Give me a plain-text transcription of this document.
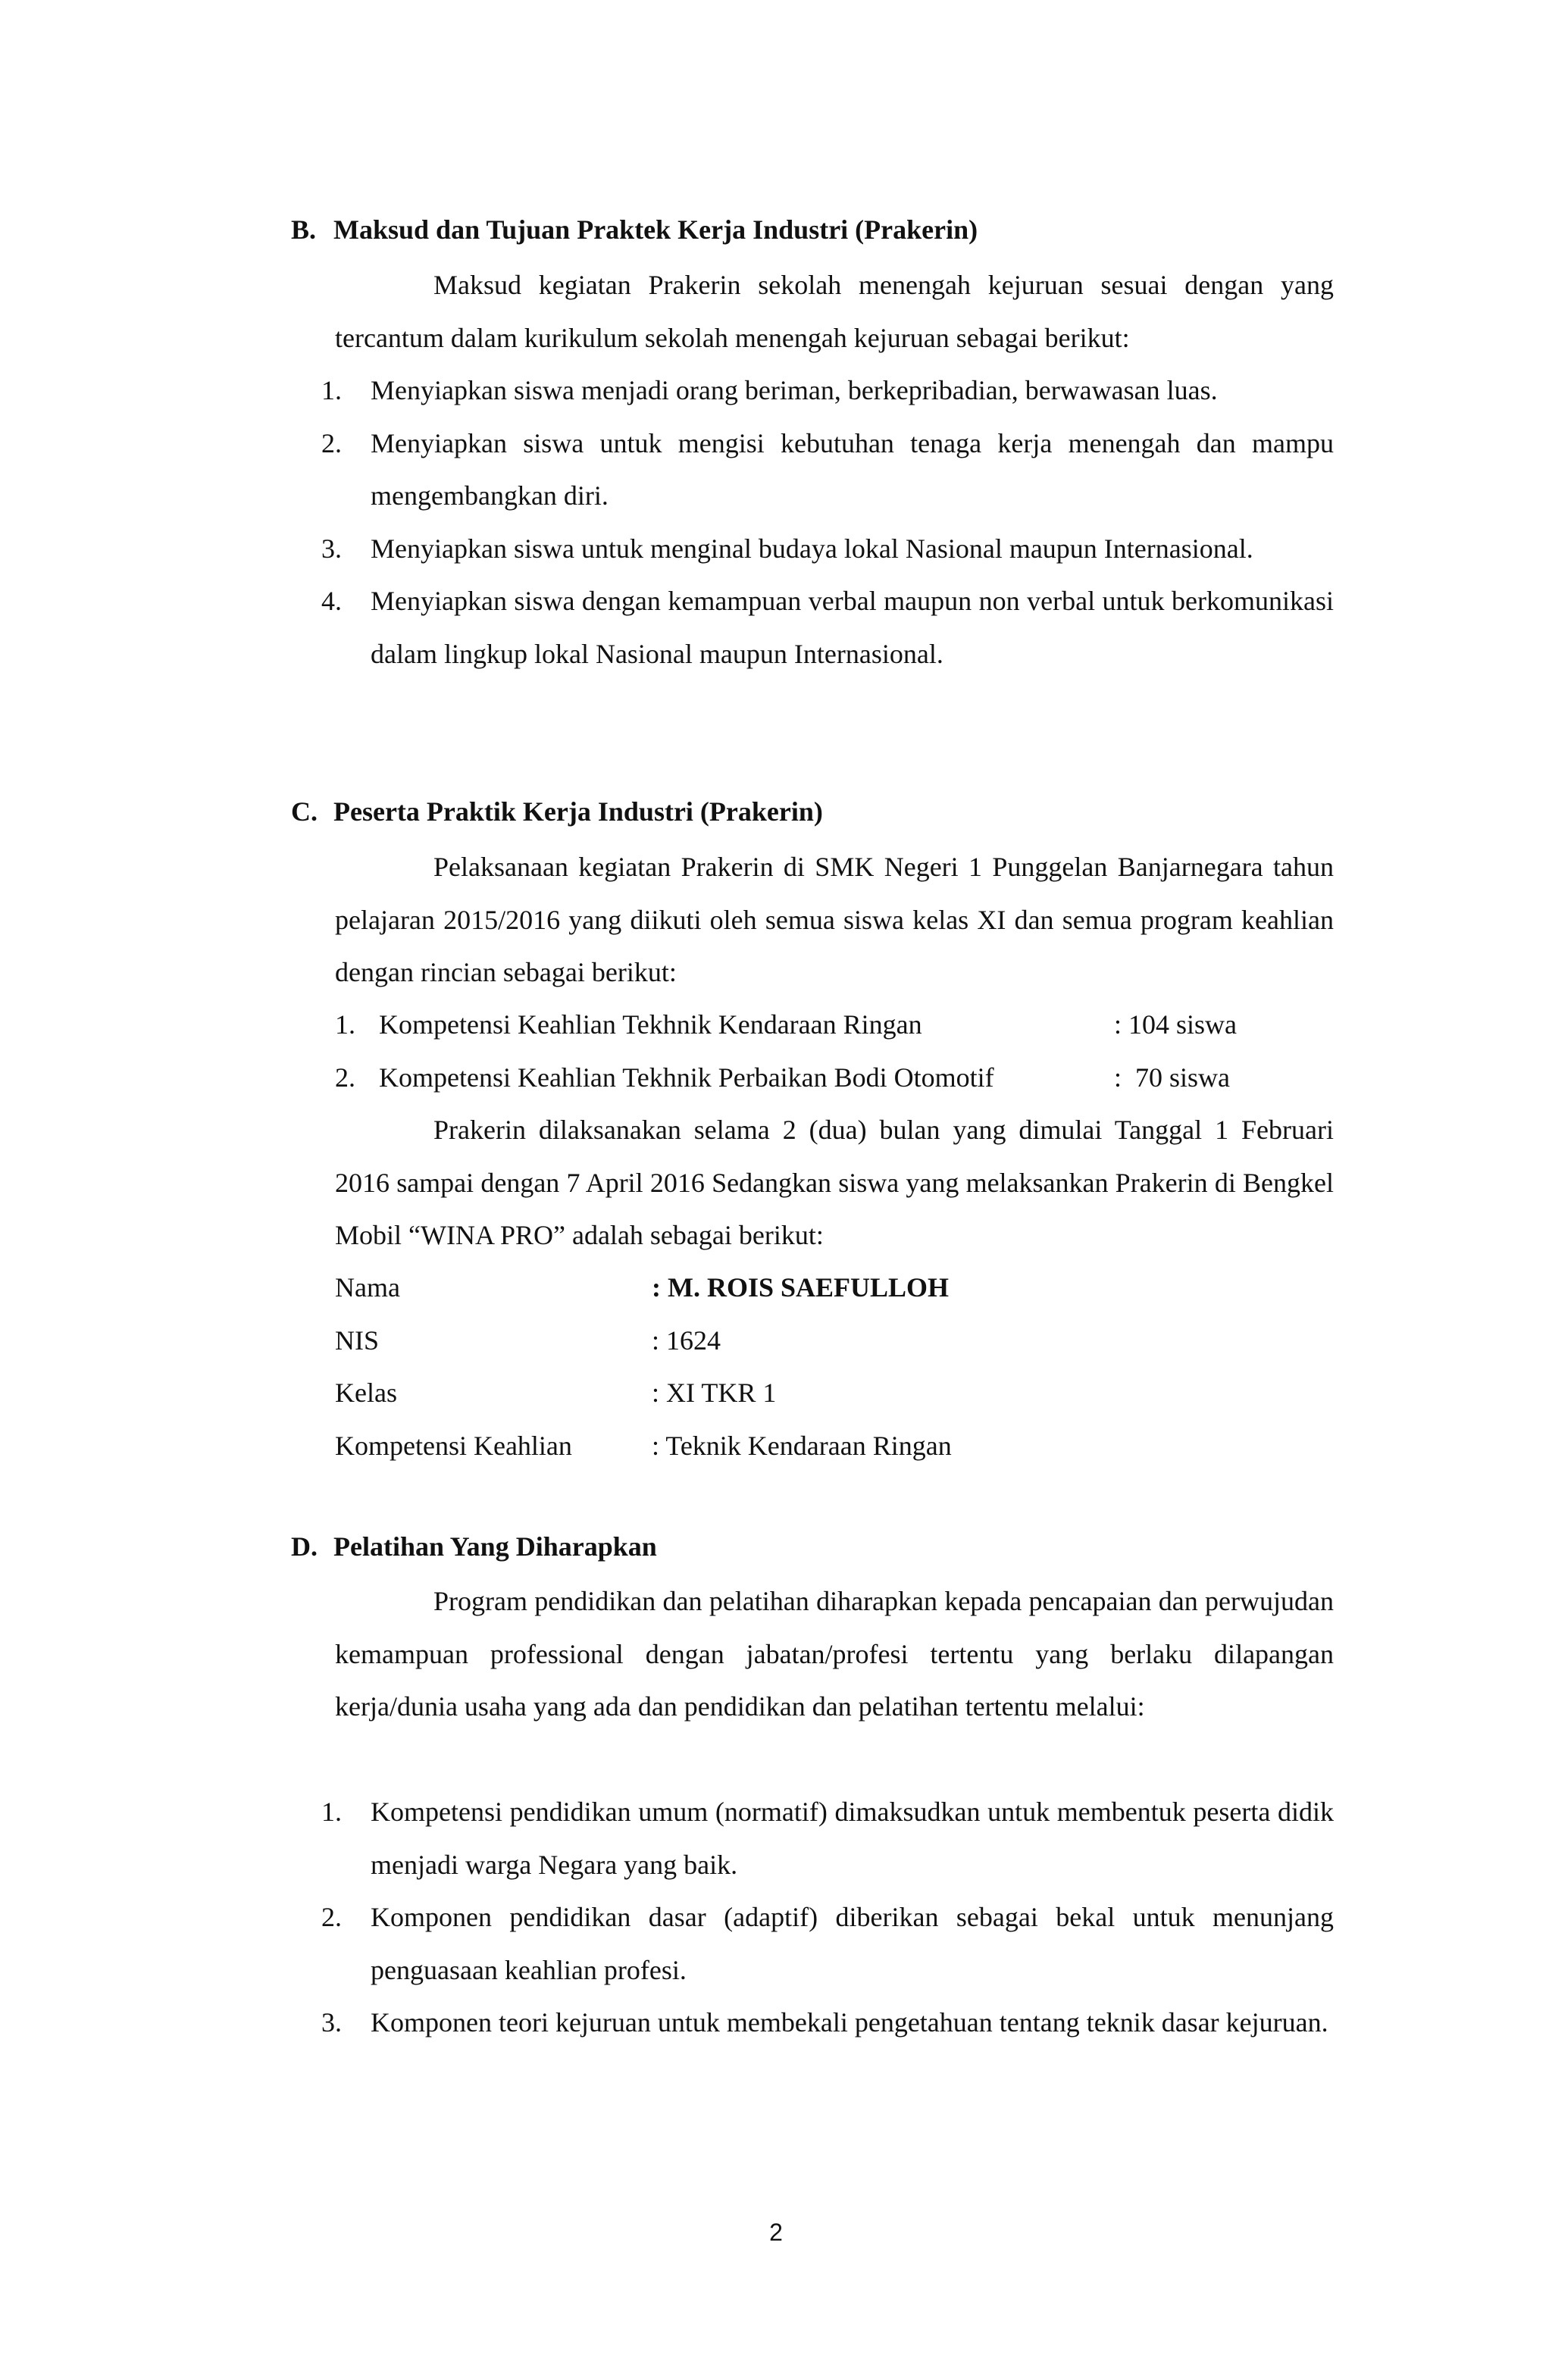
B. Maksud dan Tujuan Praktek Kerja Industri (Prakerin)
Maksud kegiatan Prakerin sekolah menengah kejuruan sesuai dengan yang tercantum dalam kurikulum sekolah menengah kejuruan sebagai berikut:
1. Menyiapkan siswa menjadi orang beriman, berkepribadian, berwawasan luas.
2. Menyiapkan siswa untuk mengisi kebutuhan tenaga kerja menengah dan mampu mengembangkan diri.
3. Menyiapkan siswa untuk menginal budaya lokal Nasional maupun Internasional.
4. Menyiapkan siswa dengan kemampuan verbal maupun non verbal untuk berkomunikasi dalam lingkup lokal Nasional maupun Internasional.
C. Peserta Praktik Kerja Industri (Prakerin)
Pelaksanaan kegiatan Prakerin di SMK Negeri 1 Punggelan Banjarnegara tahun pelajaran 2015/2016 yang diikuti oleh semua siswa kelas XI dan semua program keahlian dengan rincian sebagai berikut:
1. Kompetensi Keahlian Tekhnik Kendaraan Ringan	: 104 siswa
2. Kompetensi Keahlian Tekhnik Perbaikan Bodi Otomotif	:  70 siswa
Prakerin dilaksanakan selama 2 (dua) bulan yang dimulai Tanggal 1 Februari 2016 sampai dengan 7 April 2016 Sedangkan siswa yang melaksankan Prakerin di Bengkel Mobil “WINA PRO” adalah sebagai berikut:
Nama	: M. ROIS SAEFULLOH
NIS	: 1624
Kelas	: XI TKR 1
Kompetensi Keahlian	: Teknik Kendaraan Ringan
D. Pelatihan Yang Diharapkan
Program pendidikan dan pelatihan diharapkan kepada pencapaian dan perwujudan kemampuan professional dengan jabatan/profesi tertentu yang berlaku dilapangan kerja/dunia usaha yang ada dan pendidikan dan pelatihan tertentu melalui:
1. Kompetensi pendidikan umum (normatif) dimaksudkan untuk membentuk peserta didik menjadi warga Negara yang baik.
2. Komponen pendidikan dasar (adaptif) diberikan sebagai bekal untuk menunjang penguasaan keahlian profesi.
3. Komponen teori kejuruan untuk membekali pengetahuan tentang teknik dasar kejuruan.
2
